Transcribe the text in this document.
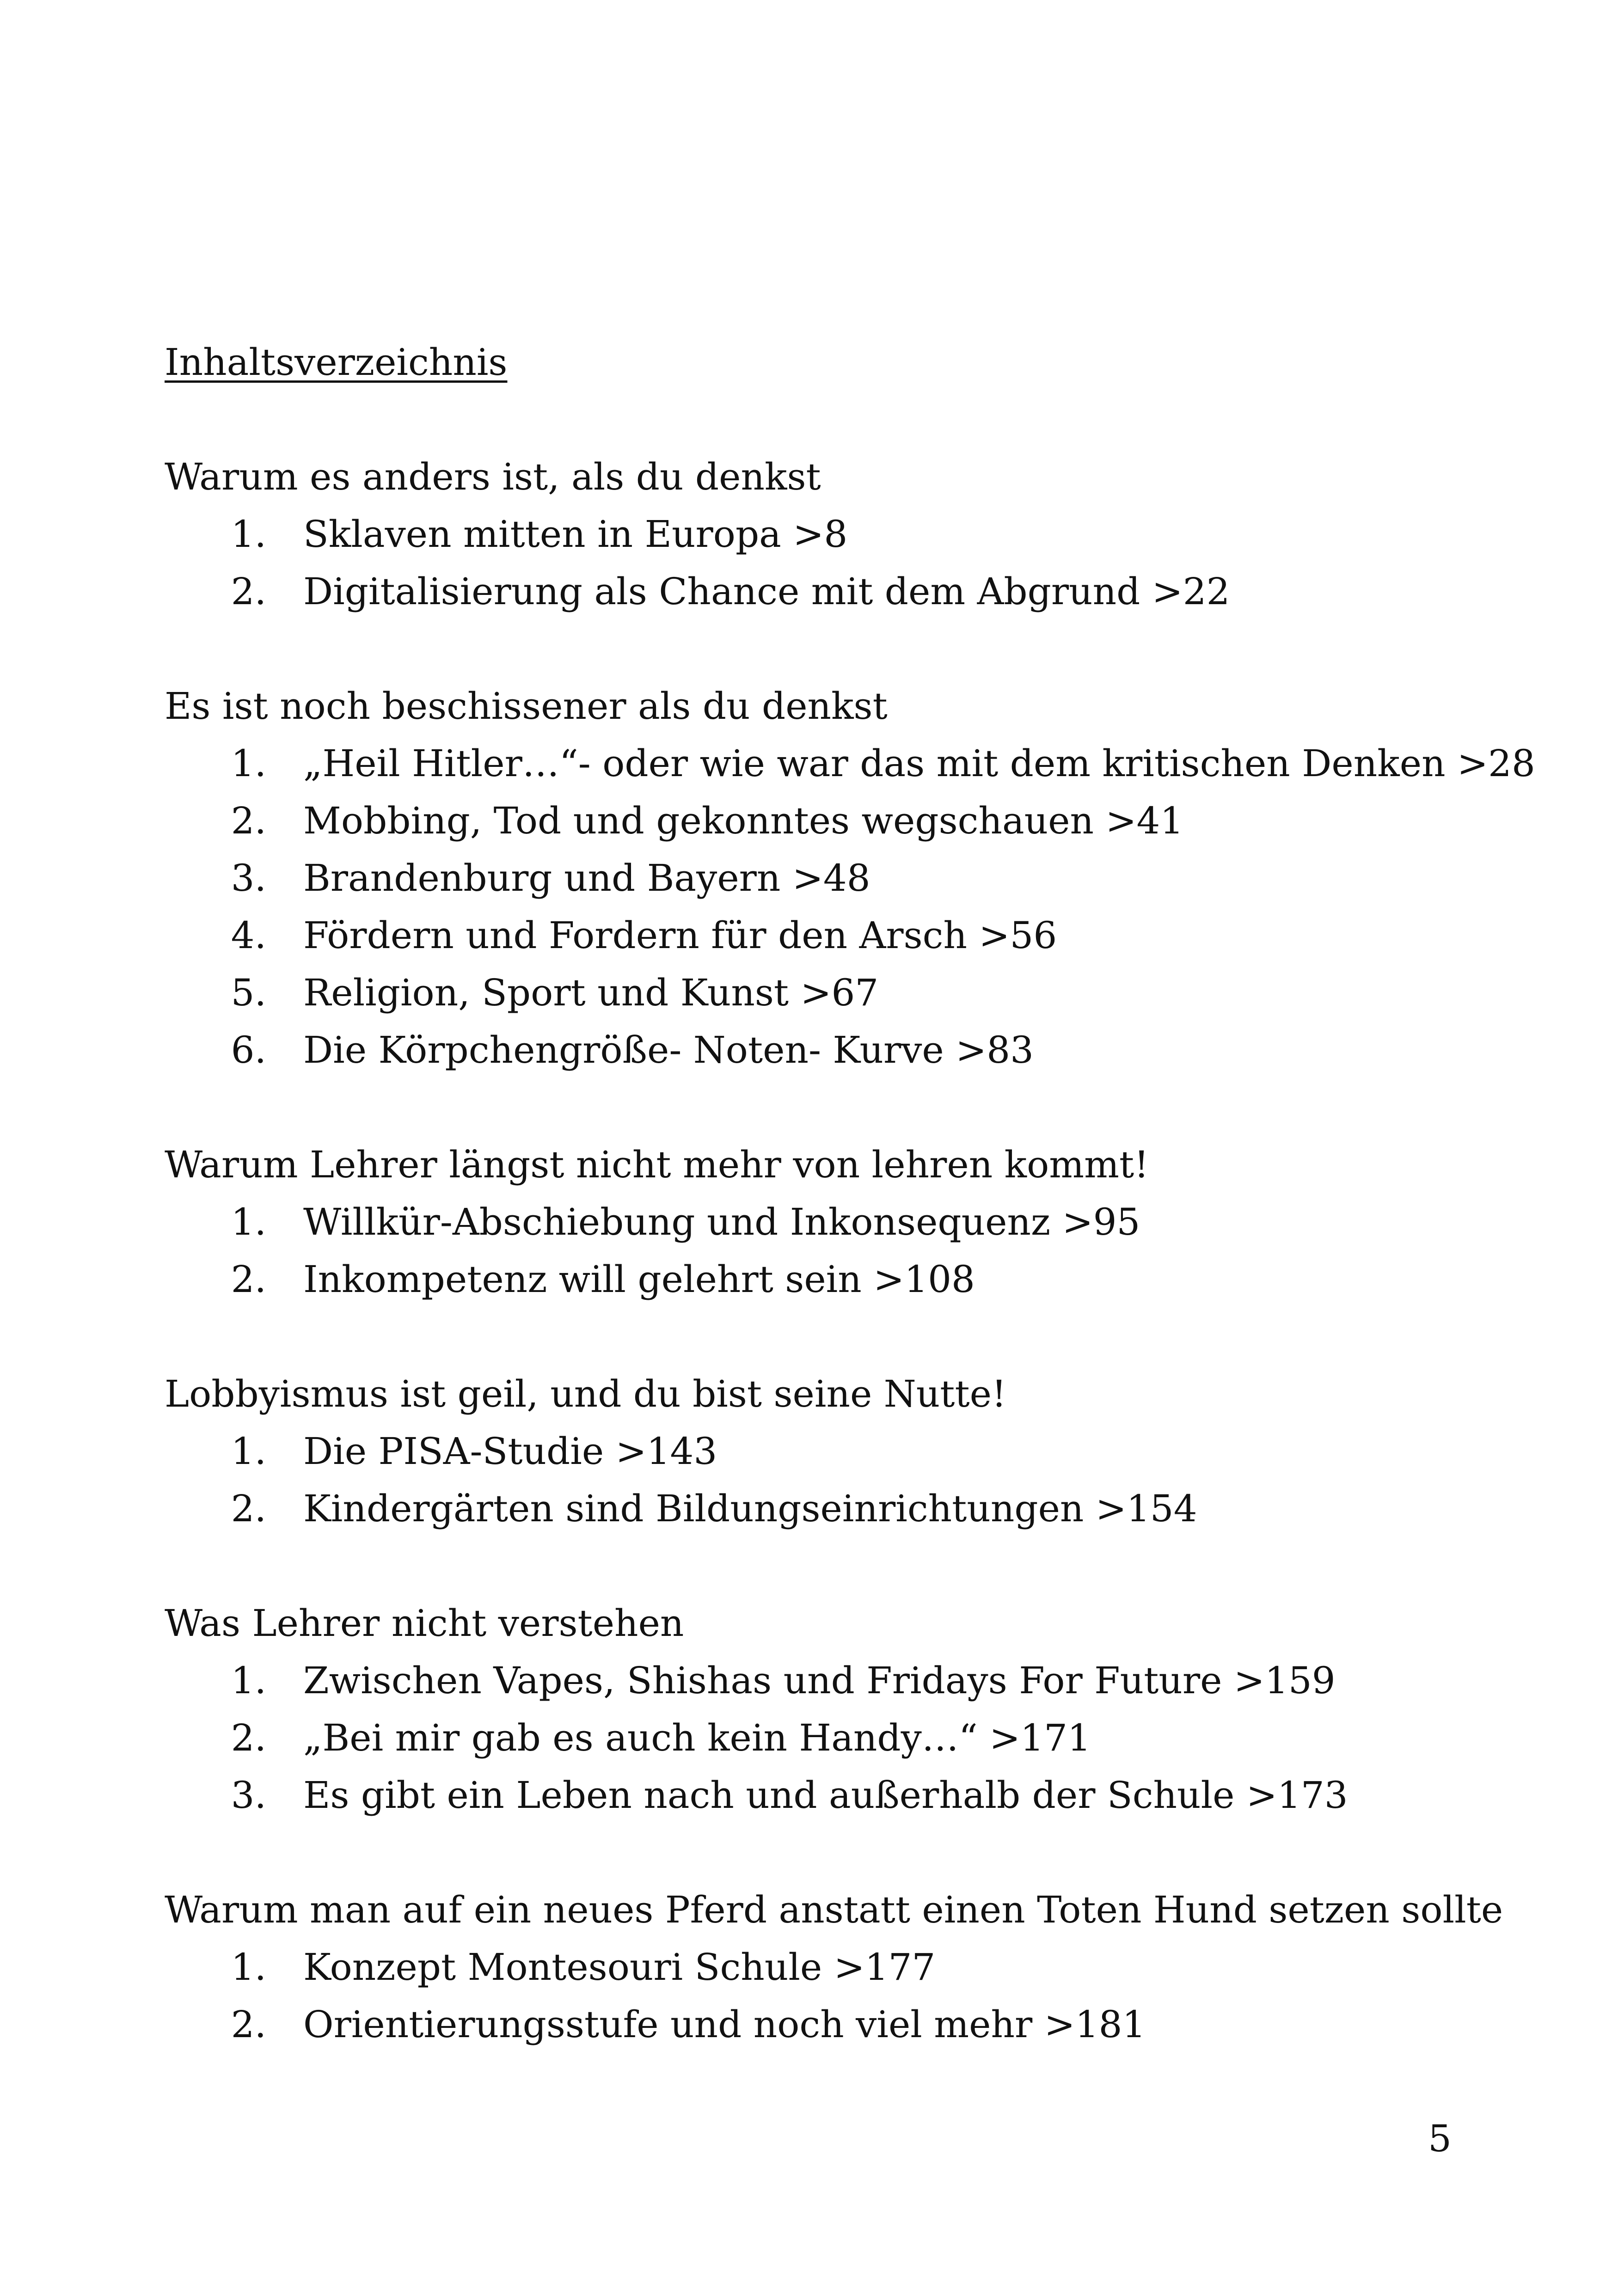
Inhaltsverzeichnis
Warum es anders ist, als du denkst
1.	Sklaven mitten in Europa >8
2.	Digitalisierung als Chance mit dem Abgrund >22
Es ist noch beschissener als du denkst
1.	„Heil Hitler…“- oder wie war das mit dem kritischen Denken >28
2.	Mobbing, Tod und gekonntes wegschauen >41
3.	Brandenburg und Bayern >48
4.	Fördern und Fordern für den Arsch >56
5.	Religion, Sport und Kunst >67
6.	Die Körpchengröße- Noten- Kurve >83
Warum Lehrer längst nicht mehr von lehren kommt!
1.	Willkür-Abschiebung und Inkonsequenz >95
2.	Inkompetenz will gelehrt sein >108
Lobbyismus ist geil, und du bist seine Nutte!
1.	Die PISA-Studie >143
2.	Kindergärten sind Bildungseinrichtungen >154
Was Lehrer nicht verstehen
1.	Zwischen Vapes, Shishas und Fridays For Future >159
2.	„Bei mir gab es auch kein Handy…“ >171
3.	Es gibt ein Leben nach und außerhalb der Schule >173
Warum man auf ein neues Pferd anstatt einen Toten Hund setzen sollte
1.	Konzept Montesouri Schule >177
2.	Orientierungsstufe und noch viel mehr >181
5
